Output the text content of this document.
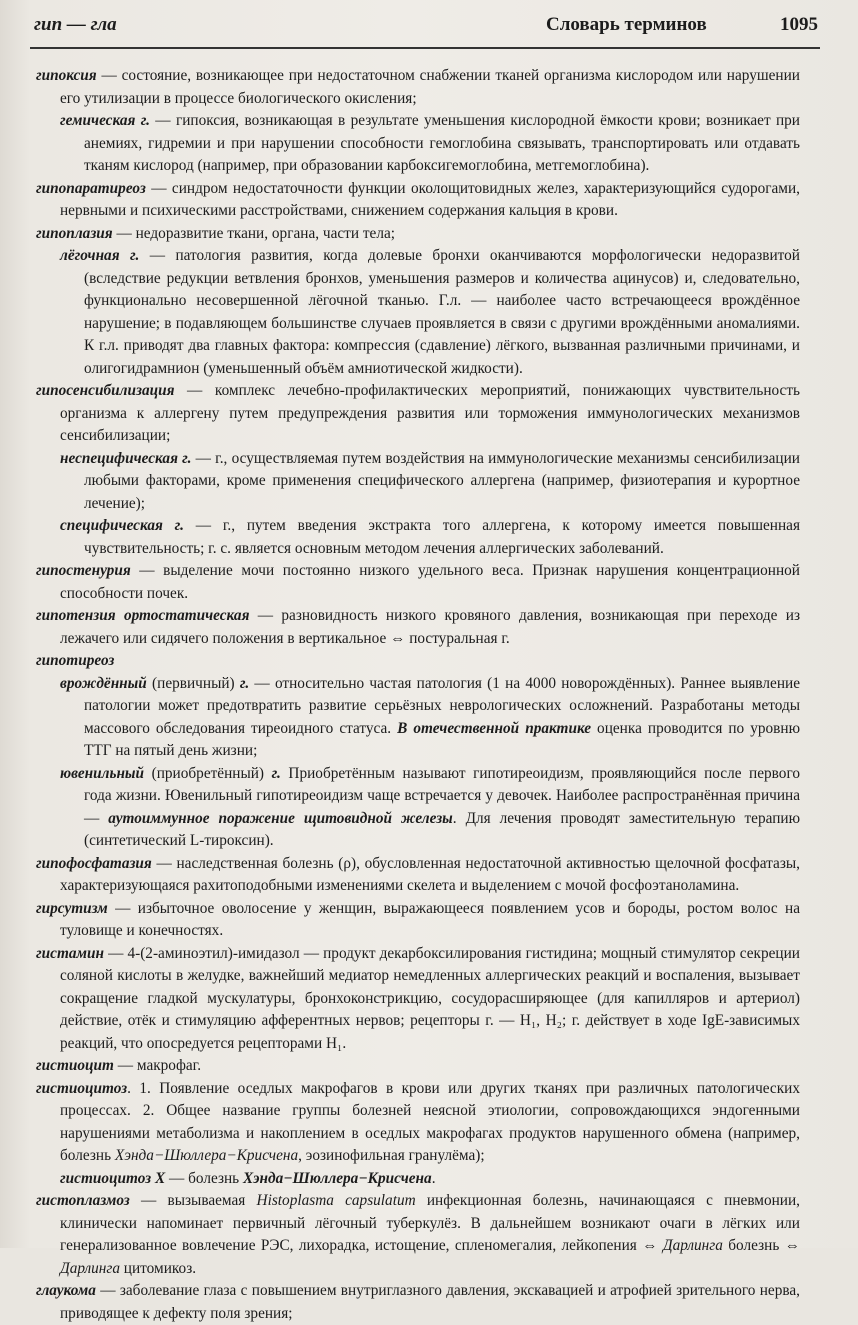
гип — гла	Словарь терминов	1095

гипоксия — состояние, возникающее при недостаточном снабжении тканей организма кислородом или нарушении его утилизации в процессе биологического окисления;

гемическая г. — гипоксия, возникающая в результате уменьшения кислородной ёмкости крови; возникает при анемиях, гидремии и при нарушении способности гемоглобина связывать, транспортировать или отдавать тканям кислород (например, при образовании карбоксигемоглобина, метгемоглобина).

гипопаратиреоз — синдром недостаточности функции околощитовидных желез, характеризующийся судорогами, нервными и психическими расстройствами, снижением содержания кальция в крови.

гипоплазия — недоразвитие ткани, органа, части тела;

лёгочная г. — патология развития, когда долевые бронхи оканчиваются морфологически недоразвитой (вследствие редукции ветвления бронхов, уменьшения размеров и количества ацинусов) и, следовательно, функционально несовершенной лёгочной тканью. Г.л. — наиболее часто встречающееся врождённое нарушение; в подавляющем большинстве случаев проявляется в связи с другими врождёнными аномалиями. К г.л. приводят два главных фактора: компрессия (сдавление) лёгкого, вызванная различными причинами, и олигогидрамнион (уменьшенный объём амниотической жидкости).

гипосенсибилизация — комплекс лечебно-профилактических мероприятий, понижающих чувствительность организма к аллергену путем предупреждения развития или торможения иммунологических механизмов сенсибилизации;

неспецифическая г. — г., осуществляемая путем воздействия на иммунологические механизмы сенсибилизации любыми факторами, кроме применения специфического аллергена (например, физиотерапия и курортное лечение);

специфическая г. — г., путем введения экстракта того аллергена, к которому имеется повышенная чувствительность; г. с. является основным методом лечения аллергических заболеваний.

гипостенурия — выделение мочи постоянно низкого удельного веса. Признак нарушения концентрационной способности почек.

гипотензия ортостатическая — разновидность низкого кровяного давления, возникающая при переходе из лежачего или сидячего положения в вертикальное ⇔ постуральная г.

гипотиреоз

врождённый (первичный) г. — относительно частая патология (1 на 4000 новорождённых). Раннее выявление патологии может предотвратить развитие серьёзных неврологических осложнений. Разработаны методы массового обследования тиреоидного статуса. В отечественной практике оценка проводится по уровню ТТГ на пятый день жизни;

ювенильный (приобретённый) г. Приобретённым называют гипотиреоидизм, проявляющийся после первого года жизни. Ювенильный гипотиреоидизм чаще встречается у девочек. Наиболее распространённая причина — аутоиммунное поражение щитовидной железы. Для лечения проводят заместительную терапию (синтетический L-тироксин).

гипофосфатазия — наследственная болезнь (ρ), обусловленная недостаточной активностью щелочной фосфатазы, характеризующаяся рахитоподобными изменениями скелета и выделением с мочой фосфоэтаноламина.

гирсутизм — избыточное оволосение у женщин, выражающееся появлением усов и бороды, ростом волос на туловище и конечностях.

гистамин — 4-(2-аминоэтил)-имидазол — продукт декарбоксилирования гистидина; мощный стимулятор секреции соляной кислоты в желудке, важнейший медиатор немедленных аллергических реакций и воспаления, вызывает сокращение гладкой мускулатуры, бронхоконстрикцию, сосудорасширяющее (для капилляров и артериол) действие, отёк и стимуляцию афферентных нервов; рецепторы г. — H₁, H₂; г. действует в ходе IgE-зависимых реакций, что опосредуется рецепторами H₁.

гистиоцит — макрофаг.

гистиоцитоз. 1. Появление оседлых макрофагов в крови или других тканях при различных патологических процессах. 2. Общее название группы болезней неясной этиологии, сопровождающихся эндогенными нарушениями метаболизма и накоплением в оседлых макрофагах продуктов нарушенного обмена (например, болезнь Хэнда−Шюллера−Крисчена, эозинофильная гранулёма);

гистиоцитоз X — болезнь Хэнда−Шюллера−Крисчена.

гистоплазмоз — вызываемая Histoplasma capsulatum инфекционная болезнь, начинающаяся с пневмонии, клинически напоминает первичный лёгочный туберкулёз. В дальнейшем возникают очаги в лёгких или генерализованное вовлечение РЭС, лихорадка, истощение, спленомегалия, лейкопения ⇔ Дарлинга болезнь ⇔ Дарлинга цитомикоз.

глаукома — заболевание глаза с повышением внутриглазного давления, экскавацией и атрофией зрительного нерва, приводящее к дефекту поля зрения;
